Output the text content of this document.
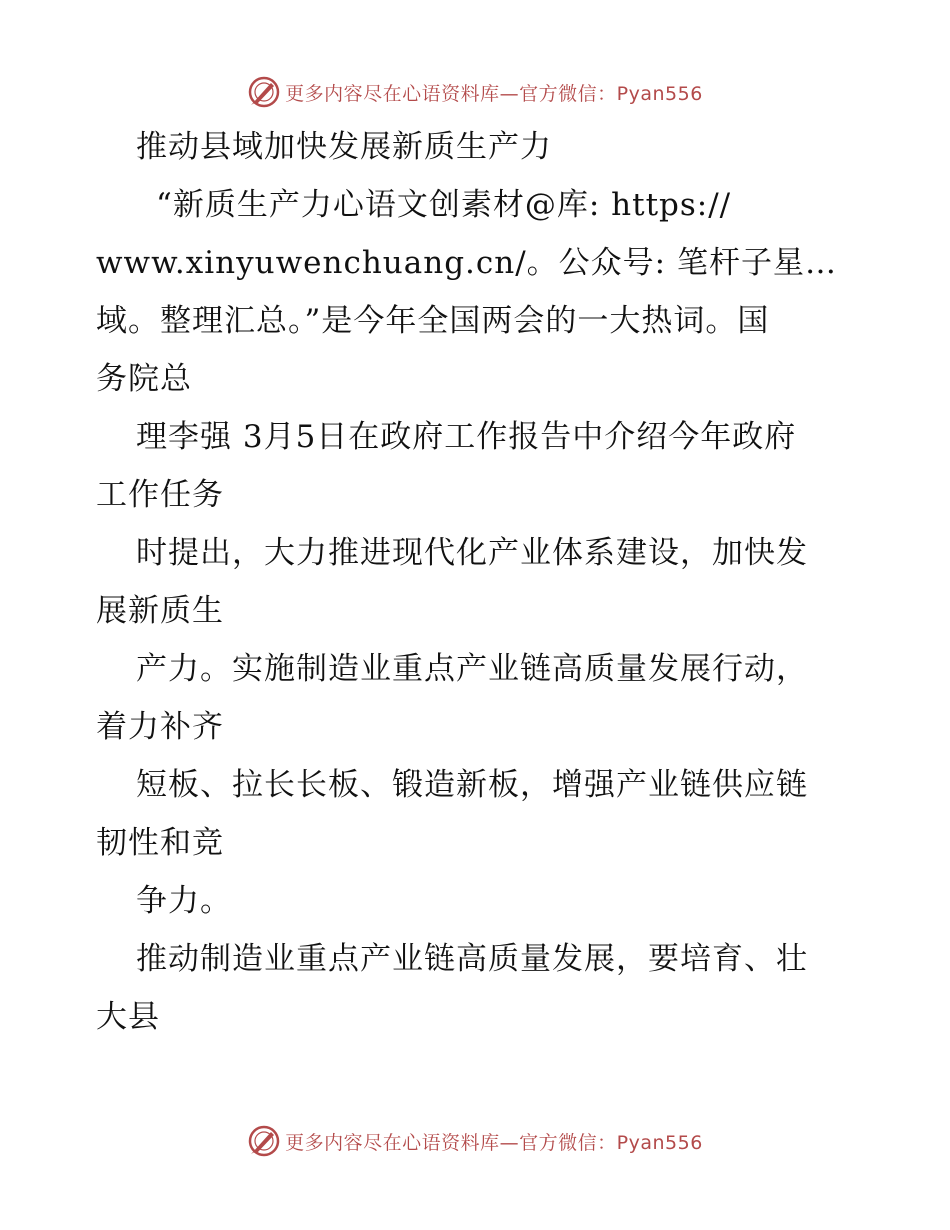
更多内容尽在心语资料库—官方微信：Pyan556
推动县域加快发展新质生产力
“新质生产力心语文创素材@库: https://
www.xinyuwenchuang.cn/。公众号: 笔杆子星…
域。整理汇总。”是今年全国两会的一大热词。国
务院总
理李强 3月5日在政府工作报告中介绍今年政府
工作任务
时提出，大力推进现代化产业体系建设，加快发
展新质生
产力。实施制造业重点产业链高质量发展行动，
着力补齐
短板、拉长长板、锻造新板，增强产业链供应链
韧性和竞
争力。
推动制造业重点产业链高质量发展，要培育、壮
大县
更多内容尽在心语资料库—官方微信：Pyan556
